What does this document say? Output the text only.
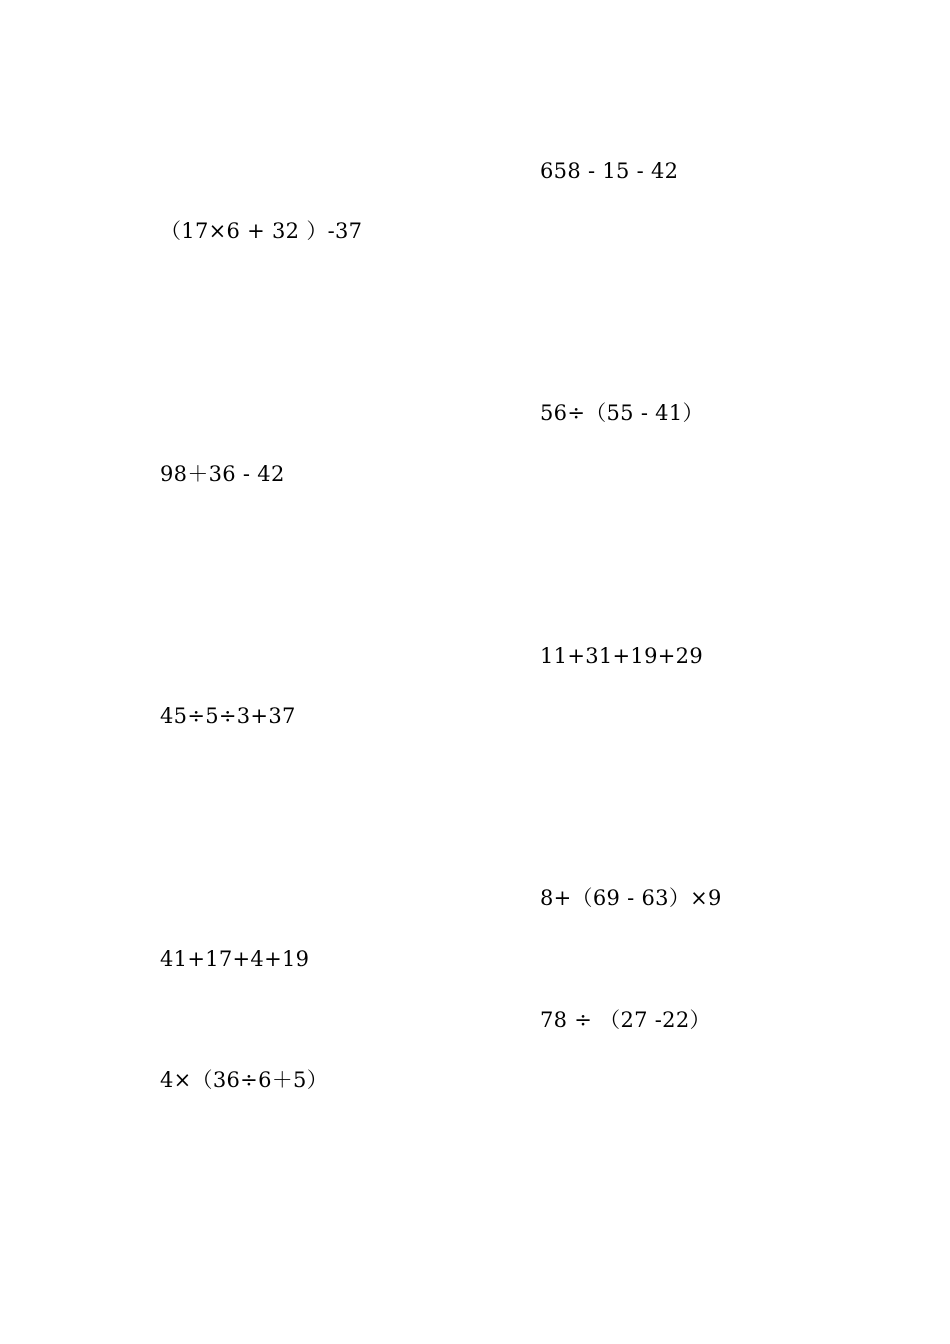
658 - 15 - 42
（17×6 + 32 ）-37
56÷（55 - 41）
98＋36 - 42
11+31+19+29
45÷5÷3+37
8+（69 - 63）×9
41+17+4+19
78 ÷ （27 -22）
4×（36÷6＋5）
